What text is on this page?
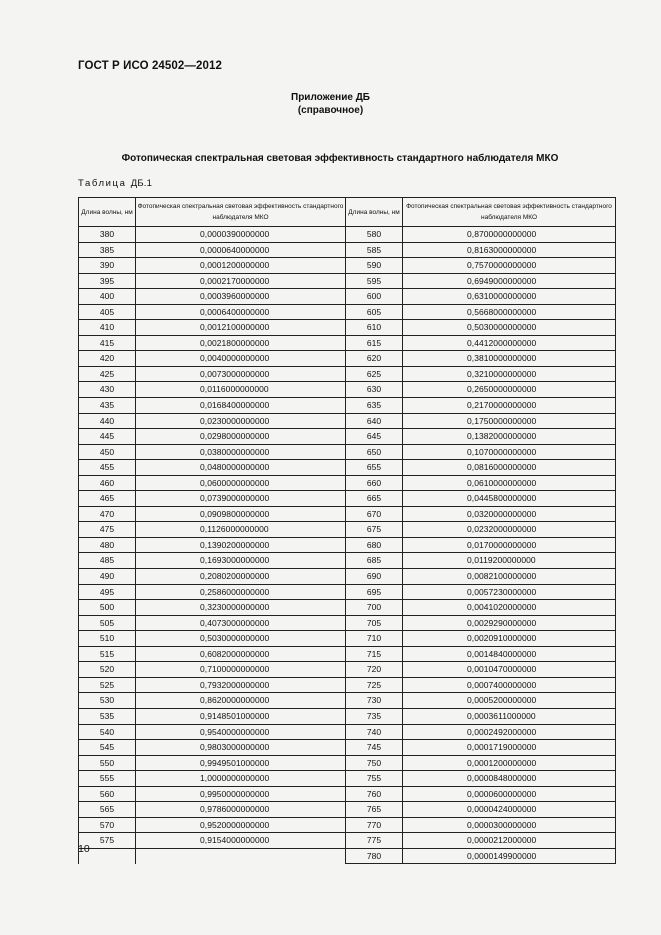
ГОСТ Р ИСО 24502—2012
Приложение ДБ
(справочное)
Фотопическая спектральная световая эффективность стандартного наблюдателя МКО
Таблица ДБ.1
Длина волны, нм	Фотопическая спектральная световая эффективность стандартного наблюдателя МКО	Длина волны, нм	Фотопическая спектральная световая эффективность стандартного наблюдателя МКО
380	0,0000390000000	580	0,8700000000000
385	0,0000640000000	585	0,8163000000000
390	0,0001200000000	590	0,7570000000000
395	0,0002170000000	595	0,6949000000000
400	0,0003960000000	600	0,6310000000000
405	0,0006400000000	605	0,5668000000000
410	0,0012100000000	610	0,5030000000000
415	0,0021800000000	615	0,4412000000000
420	0,0040000000000	620	0,3810000000000
425	0,0073000000000	625	0,3210000000000
430	0,0116000000000	630	0,2650000000000
435	0,0168400000000	635	0,2170000000000
440	0,0230000000000	640	0,1750000000000
445	0,0298000000000	645	0,1382000000000
450	0,0380000000000	650	0,1070000000000
455	0,0480000000000	655	0,0816000000000
460	0,0600000000000	660	0,0610000000000
465	0,0739000000000	665	0,0445800000000
470	0,0909800000000	670	0,0320000000000
475	0,1126000000000	675	0,0232000000000
480	0,1390200000000	680	0,0170000000000
485	0,1693000000000	685	0,0119200000000
490	0,2080200000000	690	0,0082100000000
495	0,2586000000000	695	0,0057230000000
500	0,3230000000000	700	0,0041020000000
505	0,4073000000000	705	0,0029290000000
510	0,5030000000000	710	0,0020910000000
515	0,6082000000000	715	0,0014840000000
520	0,7100000000000	720	0,0010470000000
525	0,7932000000000	725	0,0007400000000
530	0,8620000000000	730	0,0005200000000
535	0,9148501000000	735	0,0003611000000
540	0,9540000000000	740	0,0002492000000
545	0,9803000000000	745	0,0001719000000
550	0,9949501000000	750	0,0001200000000
555	1,0000000000000	755	0,0000848000000
560	0,9950000000000	760	0,0000600000000
565	0,9786000000000	765	0,0000424000000
570	0,9520000000000	770	0,0000300000000
575	0,9154000000000	775	0,0000212000000
		780	0,0000149900000
10
